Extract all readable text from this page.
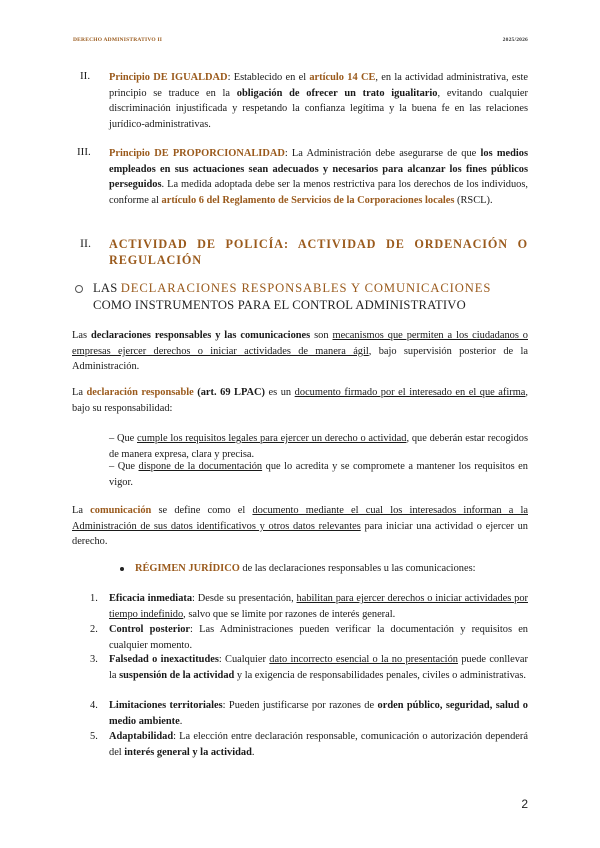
DERECHO ADMINISTRATIVO II	2025/2026
II. Principio DE IGUALDAD: Establecido en el artículo 14 CE, en la actividad administrativa, este principio se traduce en la obligación de ofrecer un trato igualitario, evitando cualquier discriminación injustificada y respetando la confianza legítima y la buena fe en las relaciones jurídico-administrativas.
III. Principio DE PROPORCIONALIDAD: La Administración debe asegurarse de que los medios empleados en sus actuaciones sean adecuados y necesarios para alcanzar los fines públicos perseguidos. La medida adoptada debe ser la menos restrictiva para los derechos de los individuos, conforme al artículo 6 del Reglamento de Servicios de la Corporaciones locales (RSCL).
II. ACTIVIDAD DE POLICÍA: ACTIVIDAD DE ORDENACIÓN O REGULACIÓN
LAS DECLARACIONES RESPONSABLES Y COMUNICACIONES COMO INSTRUMENTOS PARA EL CONTROL ADMINISTRATIVO
Las declaraciones responsables y las comunicaciones son mecanismos que permiten a los ciudadanos o empresas ejercer derechos o iniciar actividades de manera ágil, bajo supervisión posterior de la Administración.
La declaración responsable (art. 69 LPAC) es un documento firmado por el interesado en el que afirma, bajo su responsabilidad:
– Que cumple los requisitos legales para ejercer un derecho o actividad, que deberán estar recogidos de manera expresa, clara y precisa.
– Que dispone de la documentación que lo acredita y se compromete a mantener los requisitos en vigor.
La comunicación se define como el documento mediante el cual los interesados informan a la Administración de sus datos identificativos y otros datos relevantes para iniciar una actividad o ejercer un derecho.
RÉGIMEN JURÍDICO de las declaraciones responsables u las comunicaciones:
1. Eficacia inmediata: Desde su presentación, habilitan para ejercer derechos o iniciar actividades por tiempo indefinido, salvo que se limite por razones de interés general.
2. Control posterior: Las Administraciones pueden verificar la documentación y requisitos en cualquier momento.
3. Falsedad o inexactitudes: Cualquier dato incorrecto esencial o la no presentación puede conllevar la suspensión de la actividad y la exigencia de responsabilidades penales, civiles o administrativas.
4. Limitaciones territoriales: Pueden justificarse por razones de orden público, seguridad, salud o medio ambiente.
5. Adaptabilidad: La elección entre declaración responsable, comunicación o autorización dependerá del interés general y la actividad.
2
